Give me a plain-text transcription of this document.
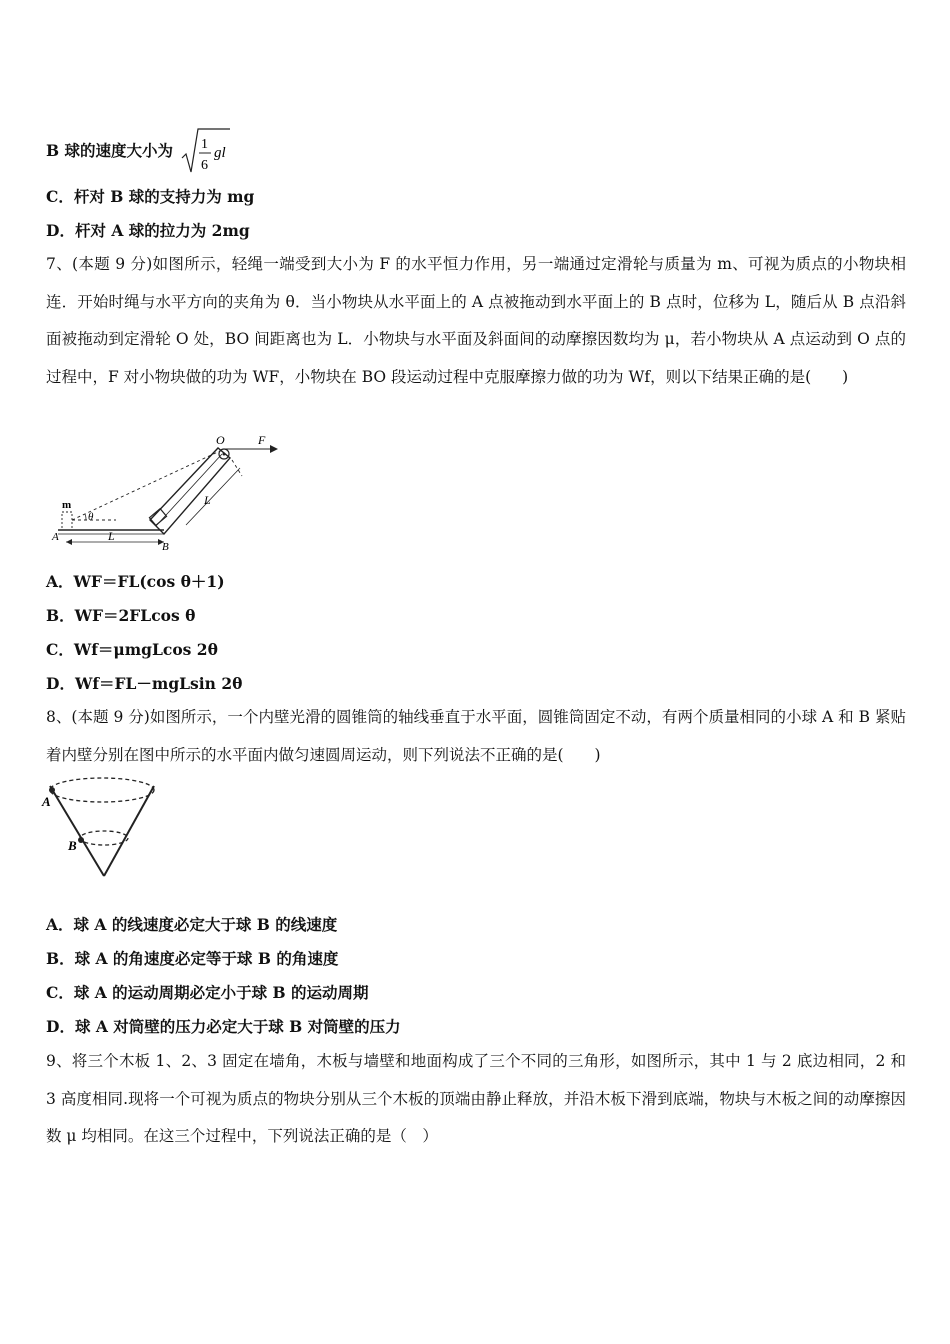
B 球的速度大小为 1
6
gl
C．杆对 B 球的支持力为 mg
D．杆对 A 球的拉力为 2mg
7、(本题 9 分)如图所示，轻绳一端受到大小为 F 的水平恒力作用，另一端通过定滑轮与质量为 m、可视为质点的小物块相连．开始时绳与水平方向的夹角为 θ．当小物块从水平面上的 A 点被拖动到水平面上的 B 点时，位移为 L，随后从 B 点沿斜面被拖动到定滑轮 O 处，BO 间距离也为 L．小物块与水平面及斜面间的动摩擦因数均为 μ，若小物块从 A 点运动到 O 点的过程中，F 对小物块做的功为 WF，小物块在 BO 段运动过程中克服摩擦力做的功为 Wf，则以下结果正确的是(　　)
O	F
L
m
θ
A	L
B
A．WF＝FL(cos θ＋1)
B．WF＝2FLcos θ
C．Wf＝μmgLcos 2θ
D．Wf＝FL－mgLsin 2θ
8、(本题 9 分)如图所示，一个内壁光滑的圆锥筒的轴线垂直于水平面，圆锥筒固定不动，有两个质量相同的小球 A 和 B 紧贴着内壁分别在图中所示的水平面内做匀速圆周运动，则下列说法不正确的是(　　)
A
B
A．球 A 的线速度必定大于球 B 的线速度
B．球 A 的角速度必定等于球 B 的角速度
C．球 A 的运动周期必定小于球 B 的运动周期
D．球 A 对筒壁的压力必定大于球 B 对筒壁的压力
9、将三个木板 1、2、3 固定在墙角，木板与墙壁和地面构成了三个不同的三角形，如图所示，其中 1 与 2 底边相同，2 和 3 高度相同.现将一个可视为质点的物块分别从三个木板的顶端由静止释放，并沿木板下滑到底端，物块与木板之间的动摩擦因数 μ 均相同。在这三个过程中，下列说法正确的是（　）
